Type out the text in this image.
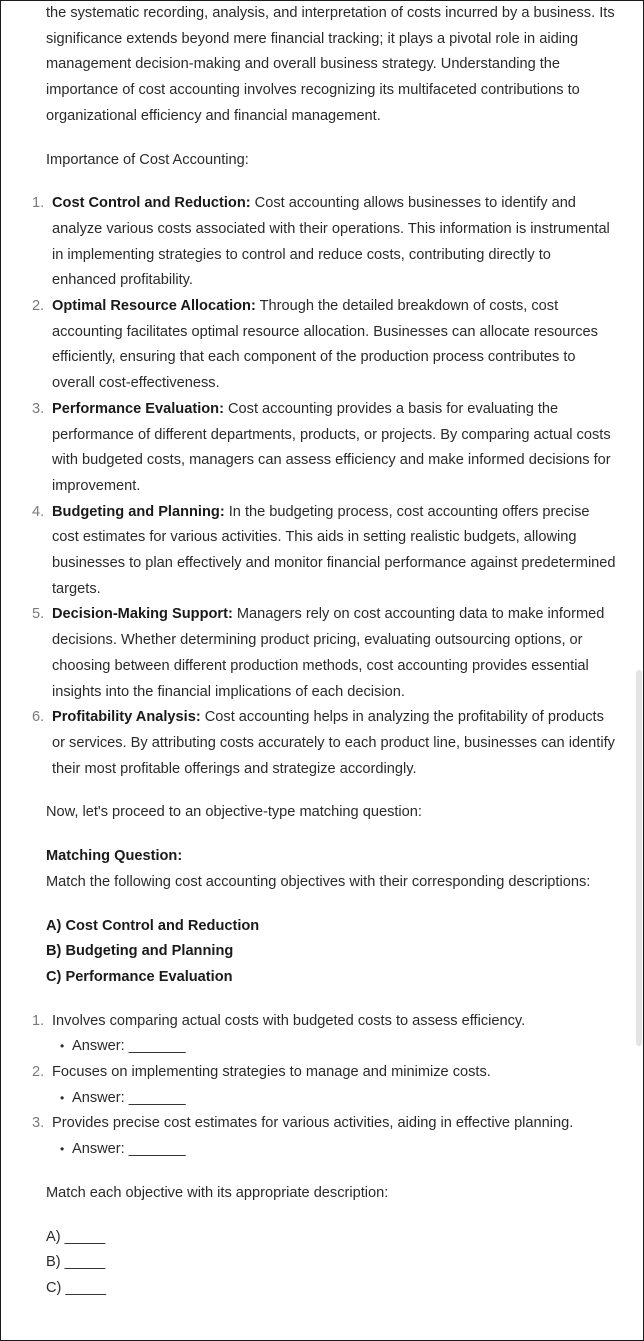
the systematic recording, analysis, and interpretation of costs incurred by a business. Its significance extends beyond mere financial tracking; it plays a pivotal role in aiding management decision-making and overall business strategy. Understanding the importance of cost accounting involves recognizing its multifaceted contributions to organizational efficiency and financial management.

Importance of Cost Accounting:

1. Cost Control and Reduction: Cost accounting allows businesses to identify and analyze various costs associated with their operations. This information is instrumental in implementing strategies to control and reduce costs, contributing directly to enhanced profitability.
2. Optimal Resource Allocation: Through the detailed breakdown of costs, cost accounting facilitates optimal resource allocation. Businesses can allocate resources efficiently, ensuring that each component of the production process contributes to overall cost-effectiveness.
3. Performance Evaluation: Cost accounting provides a basis for evaluating the performance of different departments, products, or projects. By comparing actual costs with budgeted costs, managers can assess efficiency and make informed decisions for improvement.
4. Budgeting and Planning: In the budgeting process, cost accounting offers precise cost estimates for various activities. This aids in setting realistic budgets, allowing businesses to plan effectively and monitor financial performance against predetermined targets.
5. Decision-Making Support: Managers rely on cost accounting data to make informed decisions. Whether determining product pricing, evaluating outsourcing options, or choosing between different production methods, cost accounting provides essential insights into the financial implications of each decision.
6. Profitability Analysis: Cost accounting helps in analyzing the profitability of products or services. By attributing costs accurately to each product line, businesses can identify their most profitable offerings and strategize accordingly.

Now, let's proceed to an objective-type matching question:

Matching Question:

Match the following cost accounting objectives with their corresponding descriptions:

A) Cost Control and Reduction

B) Budgeting and Planning

C) Performance Evaluation

1. Involves comparing actual costs with budgeted costs to assess efficiency.
• Answer: _______
2. Focuses on implementing strategies to manage and minimize costs.
• Answer: _______
3. Provides precise cost estimates for various activities, aiding in effective planning.
• Answer: _______

Match each objective with its appropriate description:

A) _____

B) _____

C) _____
